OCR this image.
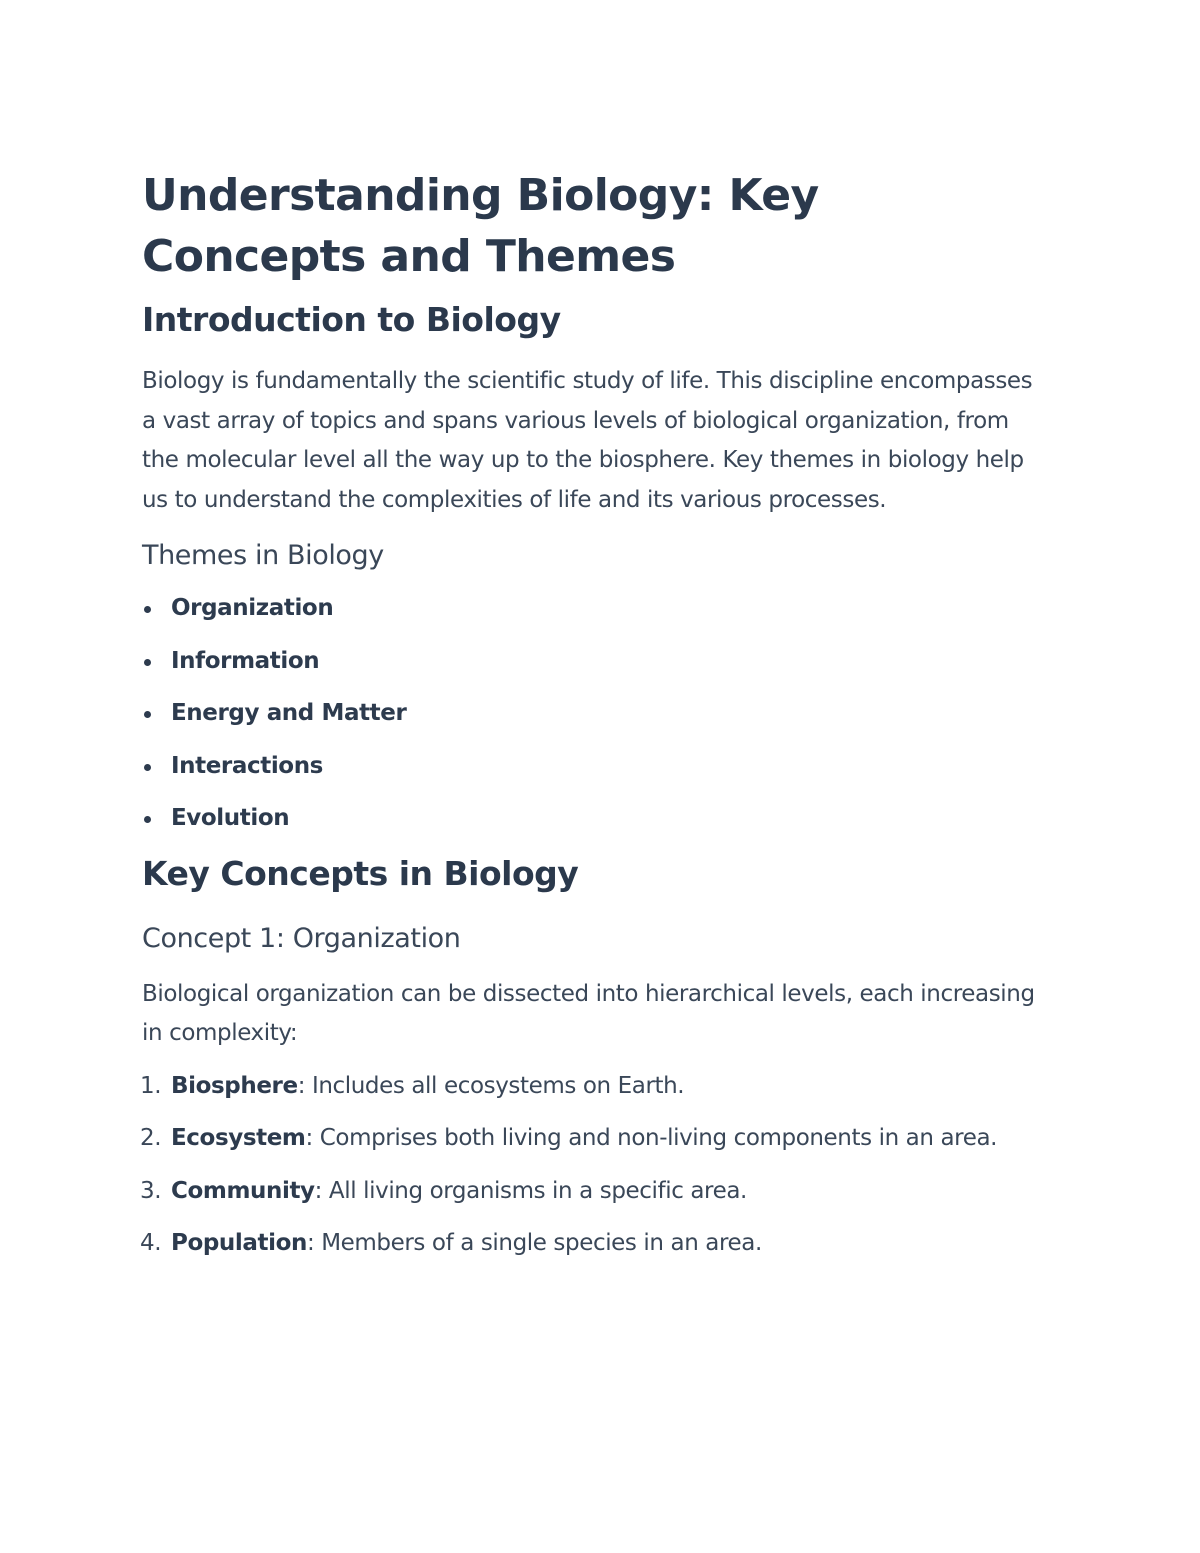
Understanding Biology: Key Concepts and Themes
Introduction to Biology

Biology is fundamentally the scientific study of life. This discipline encompasses a vast array of topics and spans various levels of biological organization, from the molecular level all the way up to the biosphere. Key themes in biology help us to understand the complexities of life and its various processes.

Themes in Biology
Organization
Information
Energy and Matter
Interactions
Evolution
Key Concepts in Biology
Concept 1: Organization

Biological organization can be dissected into hierarchical levels, each increasing in complexity:

1. Biosphere: Includes all ecosystems on Earth.
2. Ecosystem: Comprises both living and non-living components in an area.
3. Community: All living organisms in a specific area.
4. Population: Members of a single species in an area.
